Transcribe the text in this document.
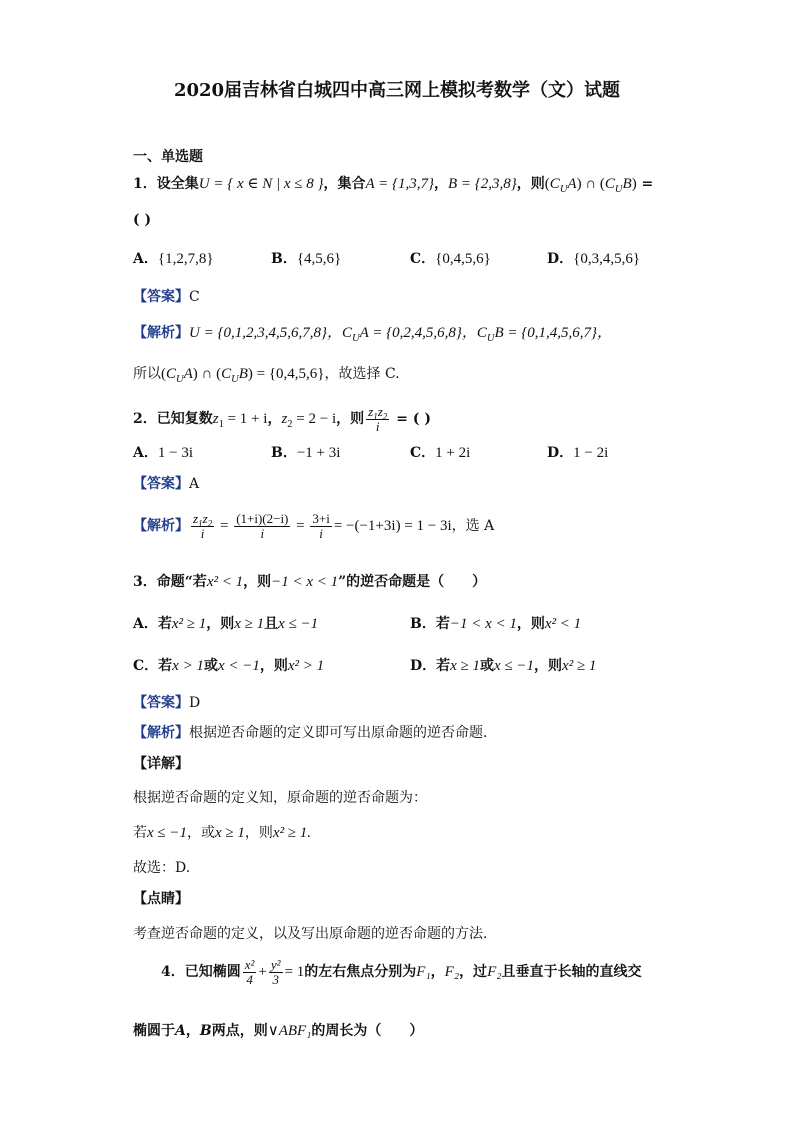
2020届吉林省白城四中高三网上模拟考数学（文）试题
一、单选题
1．设全集U = { x ∈ N | x ≤ 8 }，集合A = {1,3,7}，B = {2,3,8}，则$(C_UA)$ ∩ $(C_UB)$ =
( )
A．{1,2,7,8}	B．{4,5,6}	C．{0,4,5,6}	D．{0,3,4,5,6}
【答案】C
【解析】U = {0,1,2,3,4,5,6,7,8}，$C_UA = \{0,2,4,5,6,8\}$，$C_UB = \{0,1,4,5,6,7\}$，
所以$(C_UA)$ ∩ $(C_UB) = \{0,4,5,6\}$，故选择 C.
2．已知复数$z_1 = 1 + i$，$z_2 = 2 - i$，则 $\frac{z_1z_2}{i}$ = ( )
A．1 − 3i	B．−1 + 3i	C．1 + 2i	D．1 − 2i
【答案】A
【解析】 $\frac{z_1z_2}{i} = \frac{(1+i)(2-i)}{i} = \frac{3+i}{i} = -(-1+3i) = 1 - 3i$，选 A
3．命题“若x² < 1，则−1 < x < 1”的逆否命题是（　　）
A．若x² ≥ 1，则x ≥ 1且x ≤ −1	B．若−1 < x < 1，则x² < 1
C．若x > 1或x < −1，则x² > 1	D．若x ≥ 1或x ≤ −1，则x² ≥ 1
【答案】D
【解析】根据逆否命题的定义即可写出原命题的逆否命题.
【详解】
根据逆否命题的定义知，原命题的逆否命题为：
若x ≤ −1，或x ≥ 1，则x² ≥ 1.
故选：D.
【点睛】
考查逆否命题的定义，以及写出原命题的逆否命题的方法.
4．已知椭圆 $\frac{\text{x²}}{4} + \frac{\text{y²}}{3} = 1$的左右焦点分别为F₁，F₂，过F₂且垂直于长轴的直线交
椭圆于A，B两点，则∨ABF₁的周长为（　　）
